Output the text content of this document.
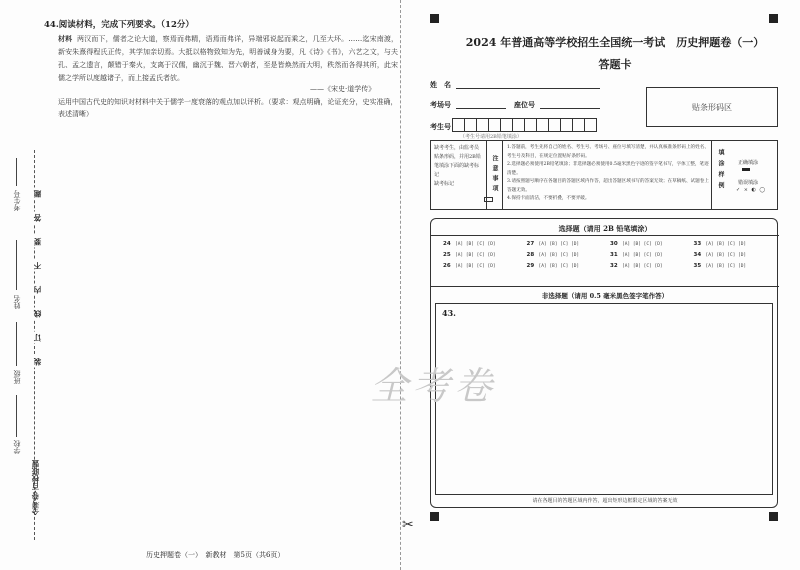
44.阅读材料，完成下列要求。（12分）
材料 两汉而下，儒者之论大道，察焉而弗精，语焉而弗详，异端邪说起而乘之，几至大坏。……迄宋南渡，新安朱熹得程氏正传，其学加亲切焉。大抵以格物致知为先，明善诚身为要，凡《诗》《书》，六艺之文，与夫孔、孟之遗言，颠错于秦火，支离于汉儒，幽沉于魏、晋六朝者，至是皆焕然而大明，秩然而各得其所，此宋儒之学所以度越诸子，而上接孟氏者欤。
——《宋史·道学传》
运用中国古代史的知识对材料中关于儒学一度衰落的观点加以评析。（要求：观点明确，论证充分，史实准确，表述清晰）
考生号
姓名
班级
学校
题
答
要
不
内
线
订
装
全考卷·百校联盟
历史押题卷（一）　新教材　第5页（共6页）
✂
2024 年普通高等学校招生全国统一考试　历史押题卷（一）
答题卡
姓　名
考场号	座位号
考生号
（考生号请用2B铅笔填涂）
贴条形码区
缺考考生，由监考员贴条形码，并用2B铅笔填涂下面的缺考标记
缺考标记	注意事项
1.答题前，考生先将自己的姓名、考生号、考场号、座位号填写清楚，并认真核准条形码上的姓名、考生号及科目，在规定位置贴好条形码。
2.选择题必须使用2B铅笔填涂；非选择题必须使用0.5毫米黑色字迹的签字笔书写，字体工整，笔迹清楚。
3.请按照题号顺序在各题目的答题区域内作答，超出答题区域书写的答案无效；在草稿纸、试题卷上答题无效。
4.保持卡面清洁，不要折叠，不要弄破。
填涂样例	正确填涂
错误填涂
✓ × ◐ ◯
选择题（请用 2B 铅笔填涂）
24 [A] [B] [C] [D]	27 [A] [B] [C] [D]	30 [A] [B] [C] [D]	33 [A] [B] [C] [D]
25 [A] [B] [C] [D]	28 [A] [B] [C] [D]	31 [A] [B] [C] [D]	34 [A] [B] [C] [D]
26 [A] [B] [C] [D]	29 [A] [B] [C] [D]	32 [A] [B] [C] [D]	35 [A] [B] [C] [D]
非选择题（请用 0.5 毫米黑色签字笔作答）
43.
请在各题目的答题区域内作答，超出矩形边框限定区域的答案无效
全考卷
